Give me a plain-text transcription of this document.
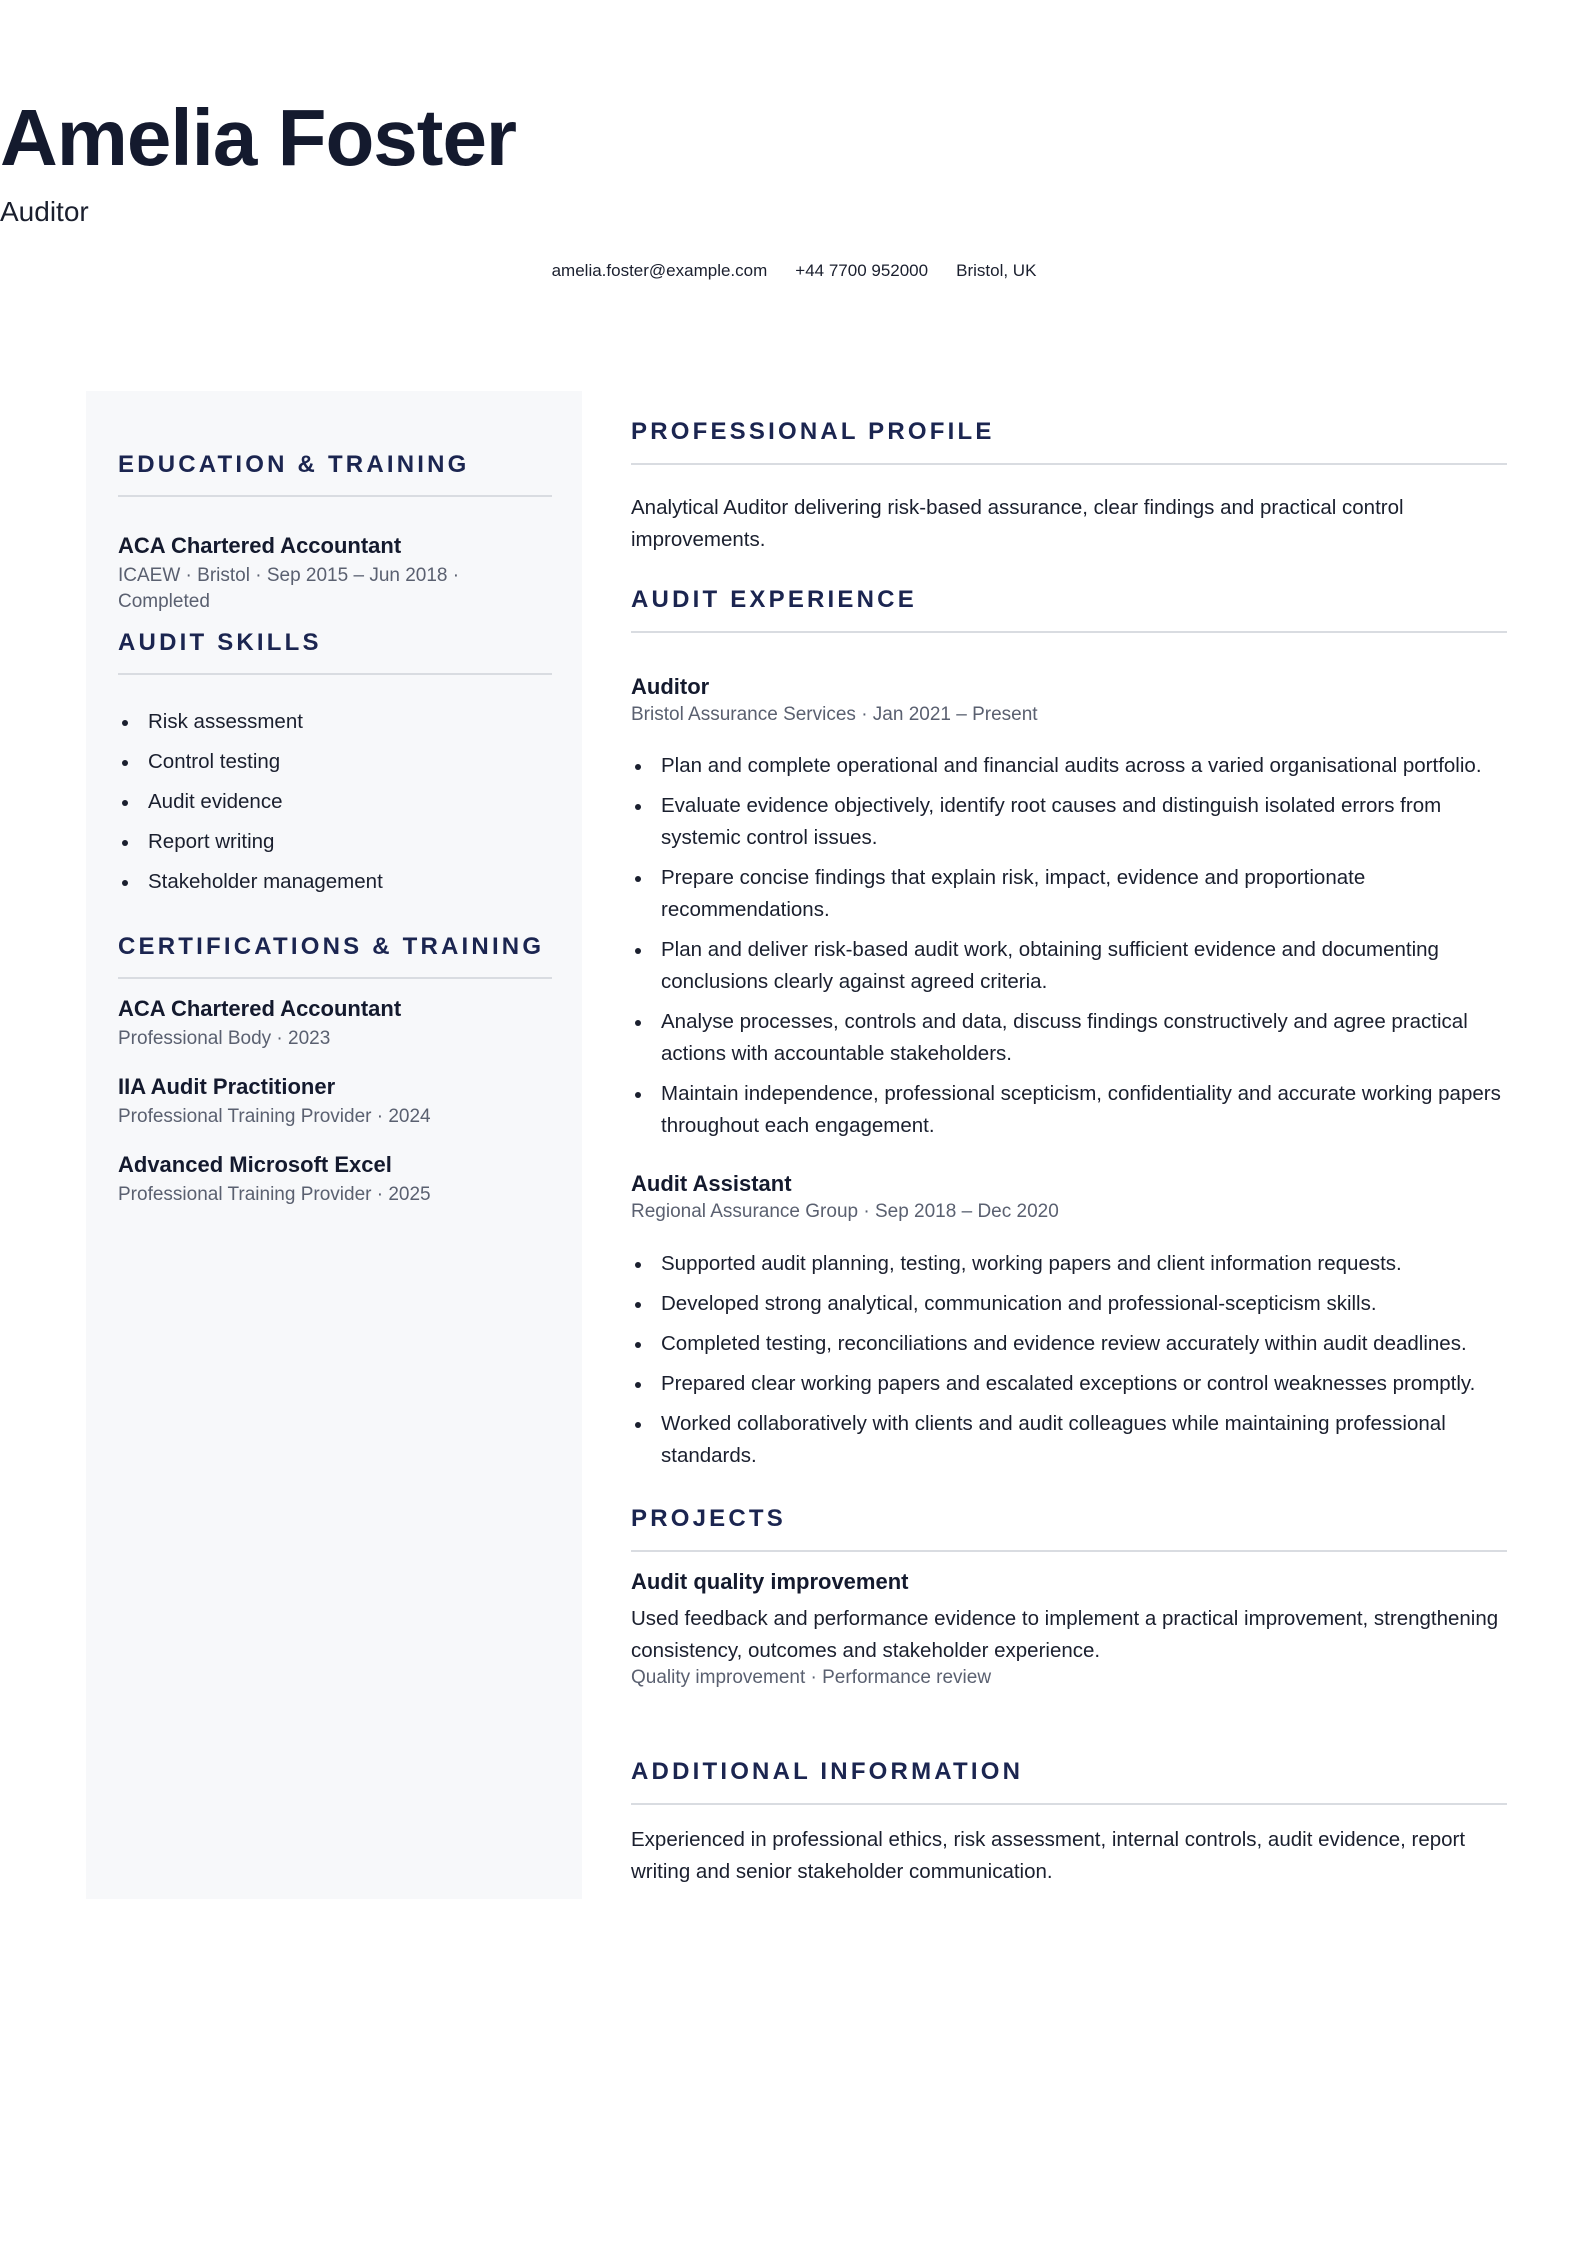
Amelia Foster
Auditor
amelia.foster@example.com +44 7700 952000 Bristol, UK
EDUCATION & TRAINING
ACA Chartered Accountant
ICAEW · Bristol · Sep 2015 – Jun 2018 · Completed
AUDIT SKILLS
Risk assessment
Control testing
Audit evidence
Report writing
Stakeholder management
CERTIFICATIONS & TRAINING
ACA Chartered Accountant
Professional Body · 2023
IIA Audit Practitioner
Professional Training Provider · 2024
Advanced Microsoft Excel
Professional Training Provider · 2025
PROFESSIONAL PROFILE
Analytical Auditor delivering risk-based assurance, clear findings and practical control improvements.
AUDIT EXPERIENCE
Auditor
Bristol Assurance Services · Jan 2021 – Present
Plan and complete operational and financial audits across a varied organisational portfolio.
Evaluate evidence objectively, identify root causes and distinguish isolated errors from systemic control issues.
Prepare concise findings that explain risk, impact, evidence and proportionate recommendations.
Plan and deliver risk-based audit work, obtaining sufficient evidence and documenting conclusions clearly against agreed criteria.
Analyse processes, controls and data, discuss findings constructively and agree practical actions with accountable stakeholders.
Maintain independence, professional scepticism, confidentiality and accurate working papers throughout each engagement.
Audit Assistant
Regional Assurance Group · Sep 2018 – Dec 2020
Supported audit planning, testing, working papers and client information requests.
Developed strong analytical, communication and professional-scepticism skills.
Completed testing, reconciliations and evidence review accurately within audit deadlines.
Prepared clear working papers and escalated exceptions or control weaknesses promptly.
Worked collaboratively with clients and audit colleagues while maintaining professional standards.
PROJECTS
Audit quality improvement
Used feedback and performance evidence to implement a practical improvement, strengthening consistency, outcomes and stakeholder experience.
Quality improvement · Performance review
ADDITIONAL INFORMATION
Experienced in professional ethics, risk assessment, internal controls, audit evidence, report writing and senior stakeholder communication.
